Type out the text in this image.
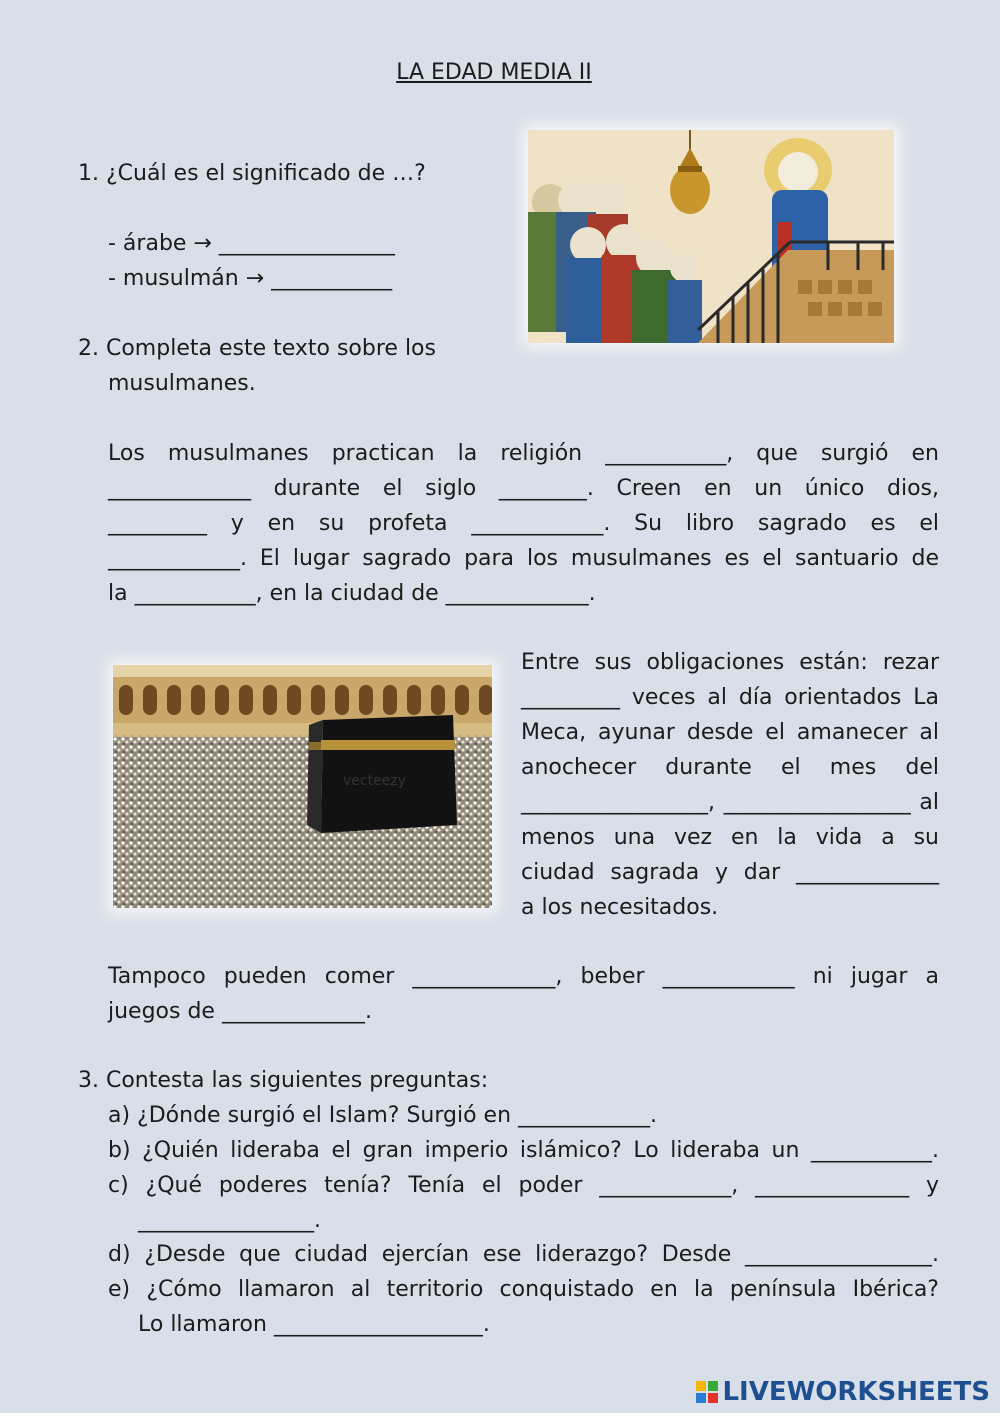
LA EDAD MEDIA II
1. ¿Cuál es el significado de …?
- árabe → ________________
- musulmán → ___________
2. Completa este texto sobre los
musulmanes.
Los musulmanes practican la religión ___________, que surgió en
_____________ durante el siglo ________. Creen en un único dios,
_________ y en su profeta ____________. Su libro sagrado es el
____________. El lugar sagrado para los musulmanes es el santuario de
la ___________, en la ciudad de _____________.
vecteezy
Entre sus obligaciones están: rezar
_________ veces al día orientados La
Meca, ayunar desde el amanecer al
anochecer durante el mes del
_________________, _________________ al
menos una vez en la vida a su
ciudad sagrada y dar _____________
a los necesitados.
Tampoco pueden comer _____________, beber ____________ ni jugar a
juegos de _____________.
3. Contesta las siguientes preguntas:
a) ¿Dónde surgió el Islam? Surgió en ____________.
b) ¿Quién lideraba el gran imperio islámico? Lo lideraba un ___________.
c) ¿Qué poderes tenía? Tenía el poder ____________, ______________ y
________________.
d) ¿Desde que ciudad ejercían ese liderazgo? Desde _________________.
e) ¿Cómo llamaron al territorio conquistado en la península Ibérica?
Lo llamaron ___________________.
LIVEWORKSHEETS
